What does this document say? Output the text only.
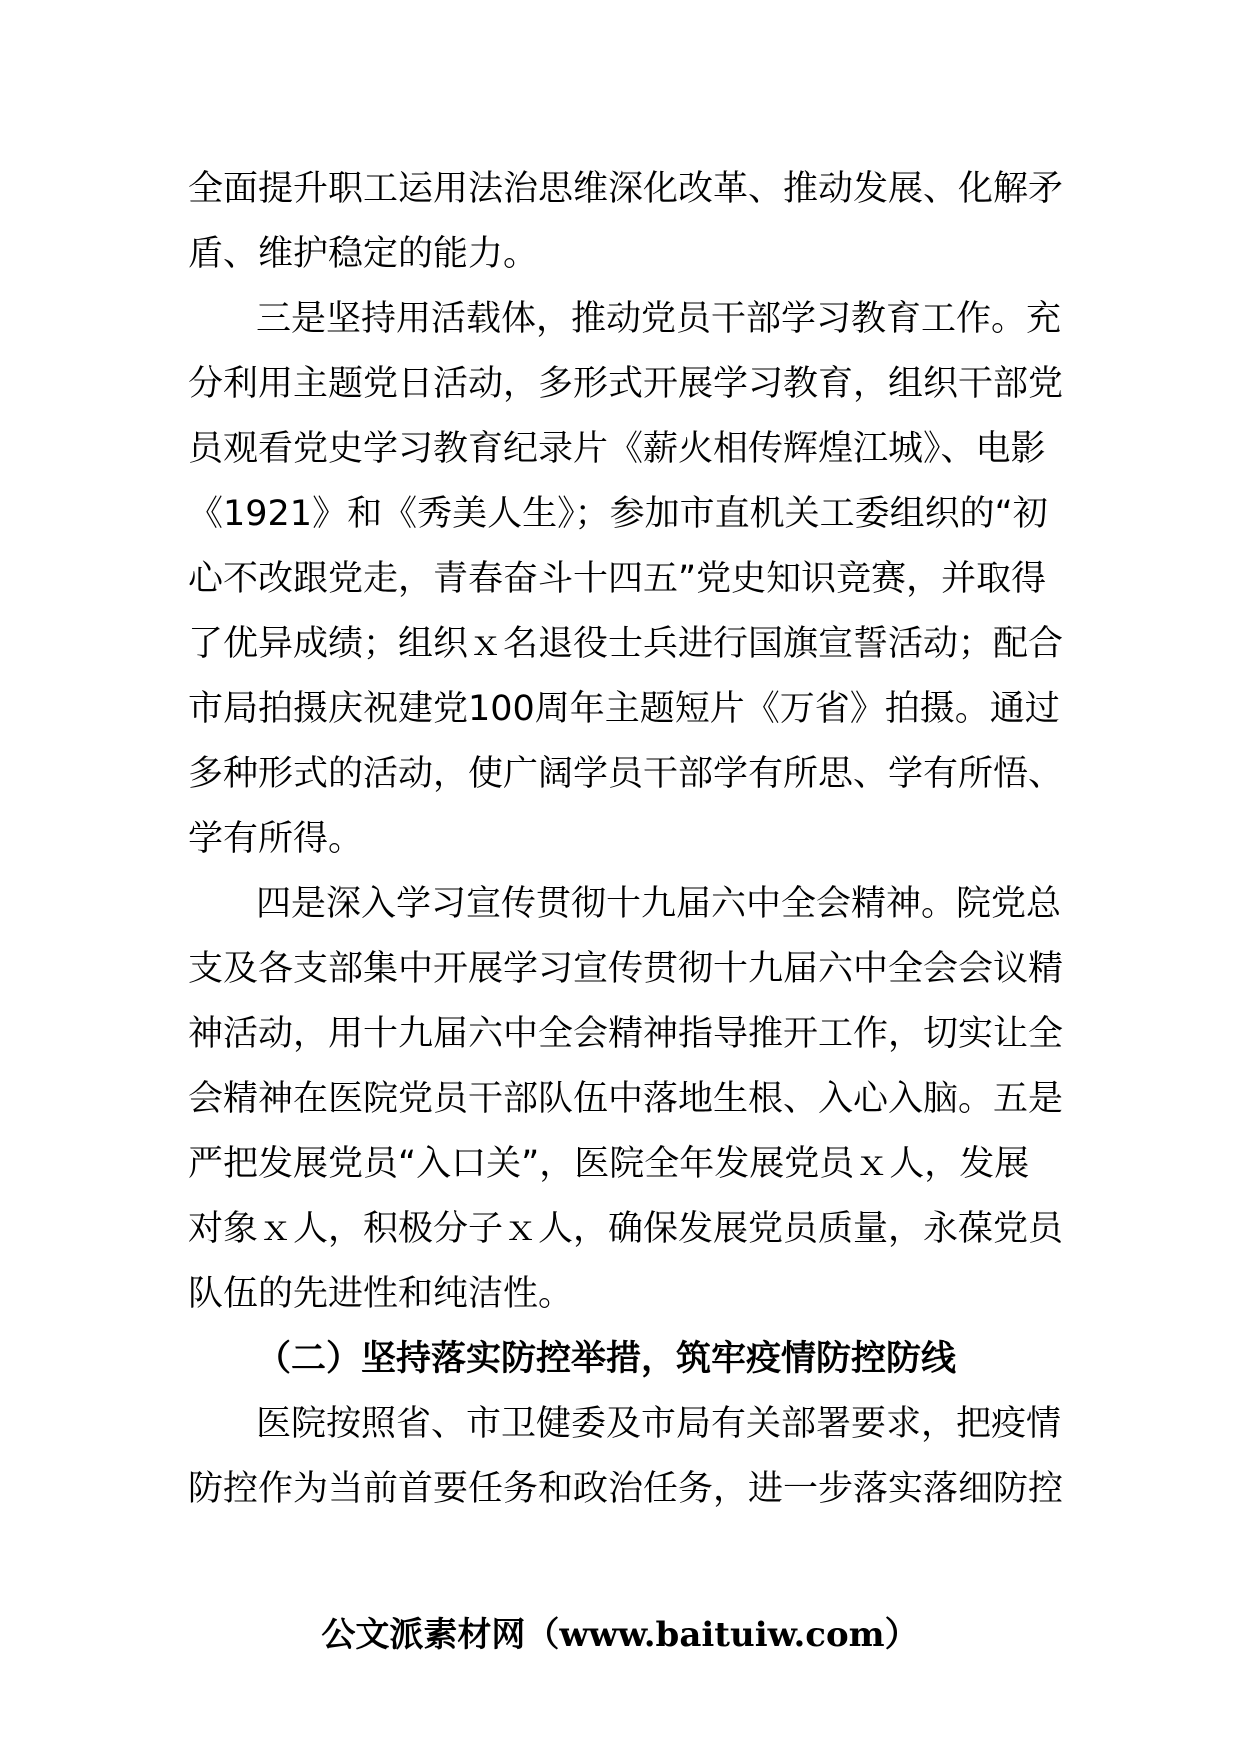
全面提升职工运用法治思维深化改革、推动发展、化解矛
盾、维护稳定的能力。
三是坚持用活载体，推动党员干部学习教育工作。充
分利用主题党日活动，多形式开展学习教育，组织干部党
员观看党史学习教育纪录片《薪火相传辉煌江城》、电影
《1921》和《秀美人生》；参加市直机关工委组织的“初
心不改跟党走，青春奋斗十四五”党史知识竞赛，并取得
了优异成绩；组织ｘ名退役士兵进行国旗宣誓活动；配合
市局拍摄庆祝建党100周年主题短片《万省》拍摄。通过
多种形式的活动，使广阔学员干部学有所思、学有所悟、
学有所得。
四是深入学习宣传贯彻十九届六中全会精神。院党总
支及各支部集中开展学习宣传贯彻十九届六中全会会议精
神活动，用十九届六中全会精神指导推开工作，切实让全
会精神在医院党员干部队伍中落地生根、入心入脑。五是
严把发展党员“入口关”，医院全年发展党员ｘ人，发展
对象ｘ人，积极分子ｘ人，确保发展党员质量，永葆党员
队伍的先进性和纯洁性。
（二）坚持落实防控举措，筑牢疫情防控防线
医院按照省、市卫健委及市局有关部署要求，把疫情
防控作为当前首要任务和政治任务，进一步落实落细防控
公文派素材网（www.baituiw.com）
